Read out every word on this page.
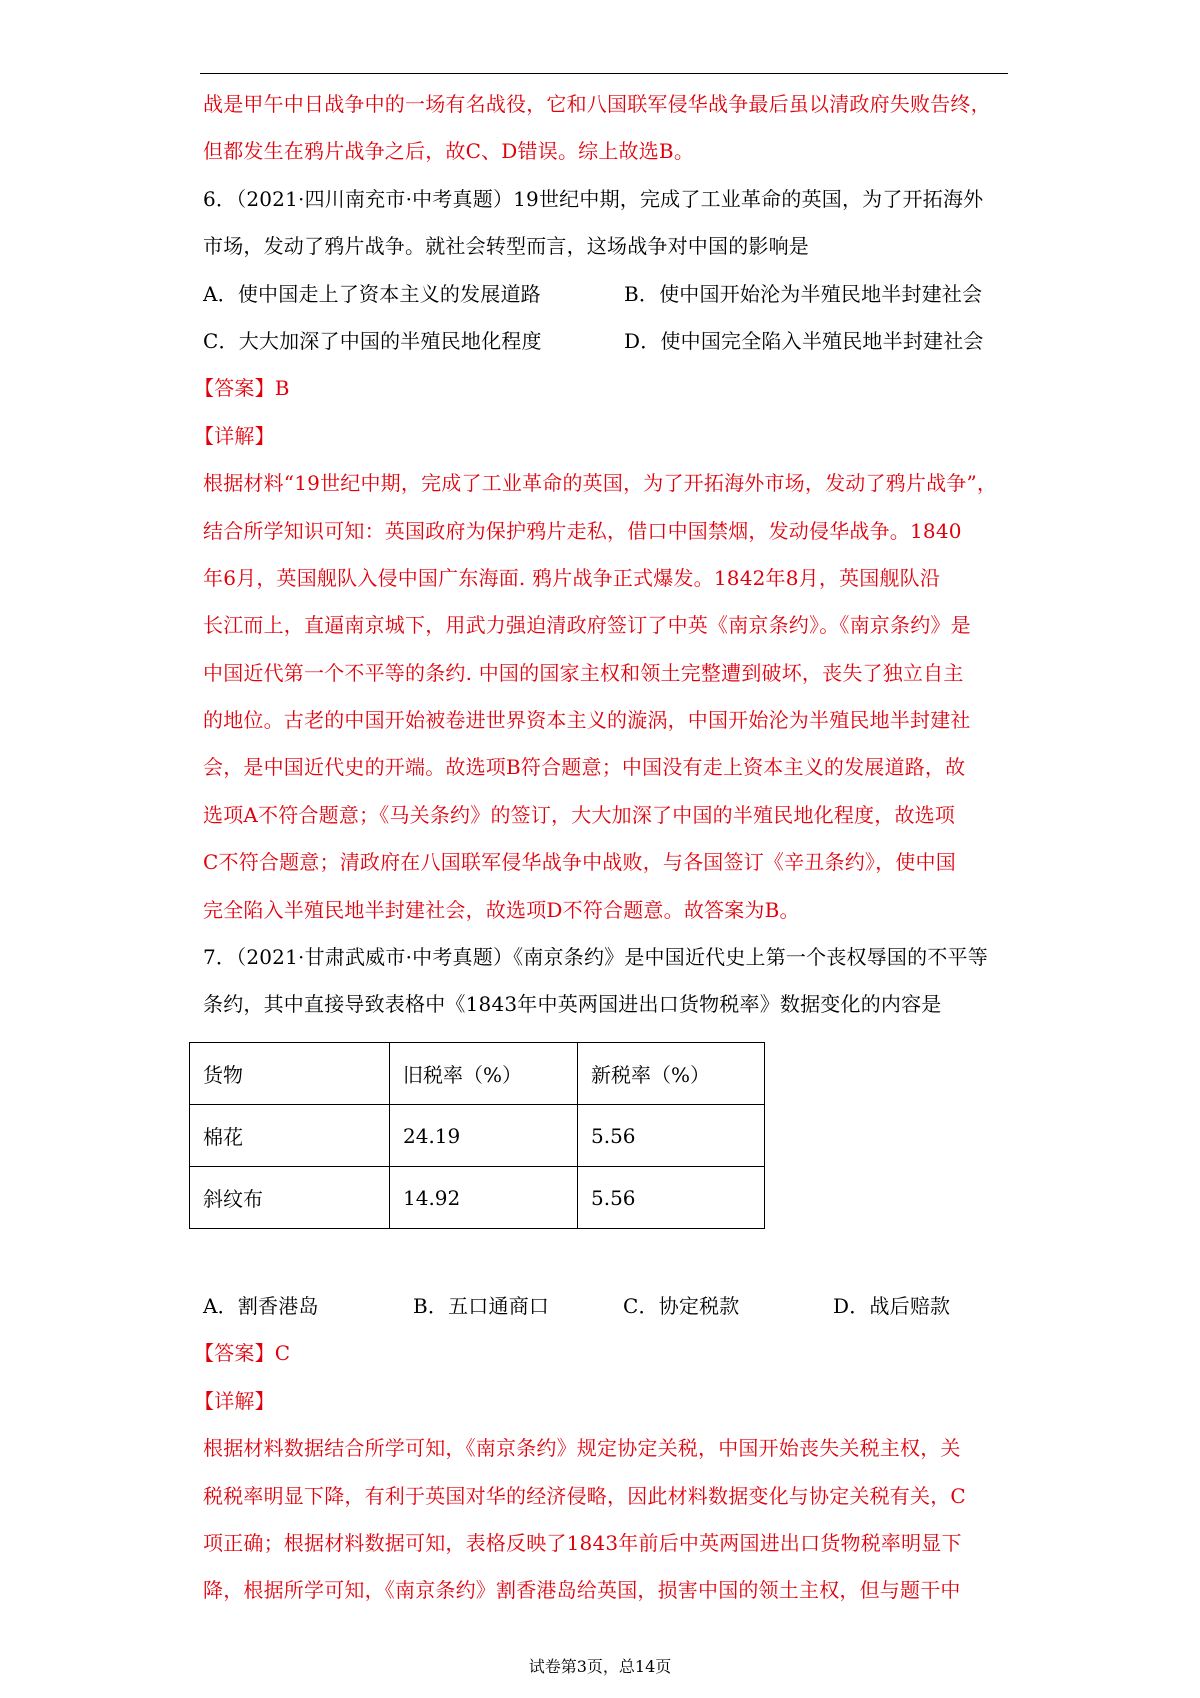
战是甲午中日战争中的一场有名战役，它和八国联军侵华战争最后虽以清政府失败告终，
但都发生在鸦片战争之后，故C、D错误。综上故选B。
6．（2021·四川南充市·中考真题）19世纪中期，完成了工业革命的英国，为了开拓海外
市场，发动了鸦片战争。就社会转型而言，这场战争对中国的影响是
A．使中国走上了资本主义的发展道路	B．使中国开始沦为半殖民地半封建社会
C．大大加深了中国的半殖民地化程度	D．使中国完全陷入半殖民地半封建社会
【答案】B
【详解】
根据材料“19世纪中期，完成了工业革命的英国，为了开拓海外市场，发动了鸦片战争”，
结合所学知识可知：英国政府为保护鸦片走私，借口中国禁烟，发动侵华战争。1840
年6月，英国舰队入侵中国广东海面. 鸦片战争正式爆发。1842年8月，英国舰队沿
长江而上，直逼南京城下，用武力强迫清政府签订了中英《南京条约》。《南京条约》是
中国近代第一个不平等的条约. 中国的国家主权和领土完整遭到破坏，丧失了独立自主
的地位。古老的中国开始被卷进世界资本主义的漩涡，中国开始沦为半殖民地半封建社
会，是中国近代史的开端。故选项B符合题意；中国没有走上资本主义的发展道路，故
选项A不符合题意；《马关条约》的签订，大大加深了中国的半殖民地化程度，故选项
C不符合题意；清政府在八国联军侵华战争中战败，与各国签订《辛丑条约》，使中国
完全陷入半殖民地半封建社会，故选项D不符合题意。故答案为B。
7．（2021·甘肃武威市·中考真题）《南京条约》是中国近代史上第一个丧权辱国的不平等
条约，其中直接导致表格中《1843年中英两国进出口货物税率》数据变化的内容是
货物	旧税率（%）	新税率（%）
棉花	24.19	5.56
斜纹布	14.92	5.56
A．割香港岛	B．五口通商口	C．协定税款	D．战后赔款
【答案】C
【详解】
根据材料数据结合所学可知，《南京条约》规定协定关税，中国开始丧失关税主权，关
税税率明显下降，有利于英国对华的经济侵略，因此材料数据变化与协定关税有关，C
项正确；根据材料数据可知，表格反映了1843年前后中英两国进出口货物税率明显下
降，根据所学可知，《南京条约》割香港岛给英国，损害中国的领土主权，但与题干中
试卷第3页，总14页
